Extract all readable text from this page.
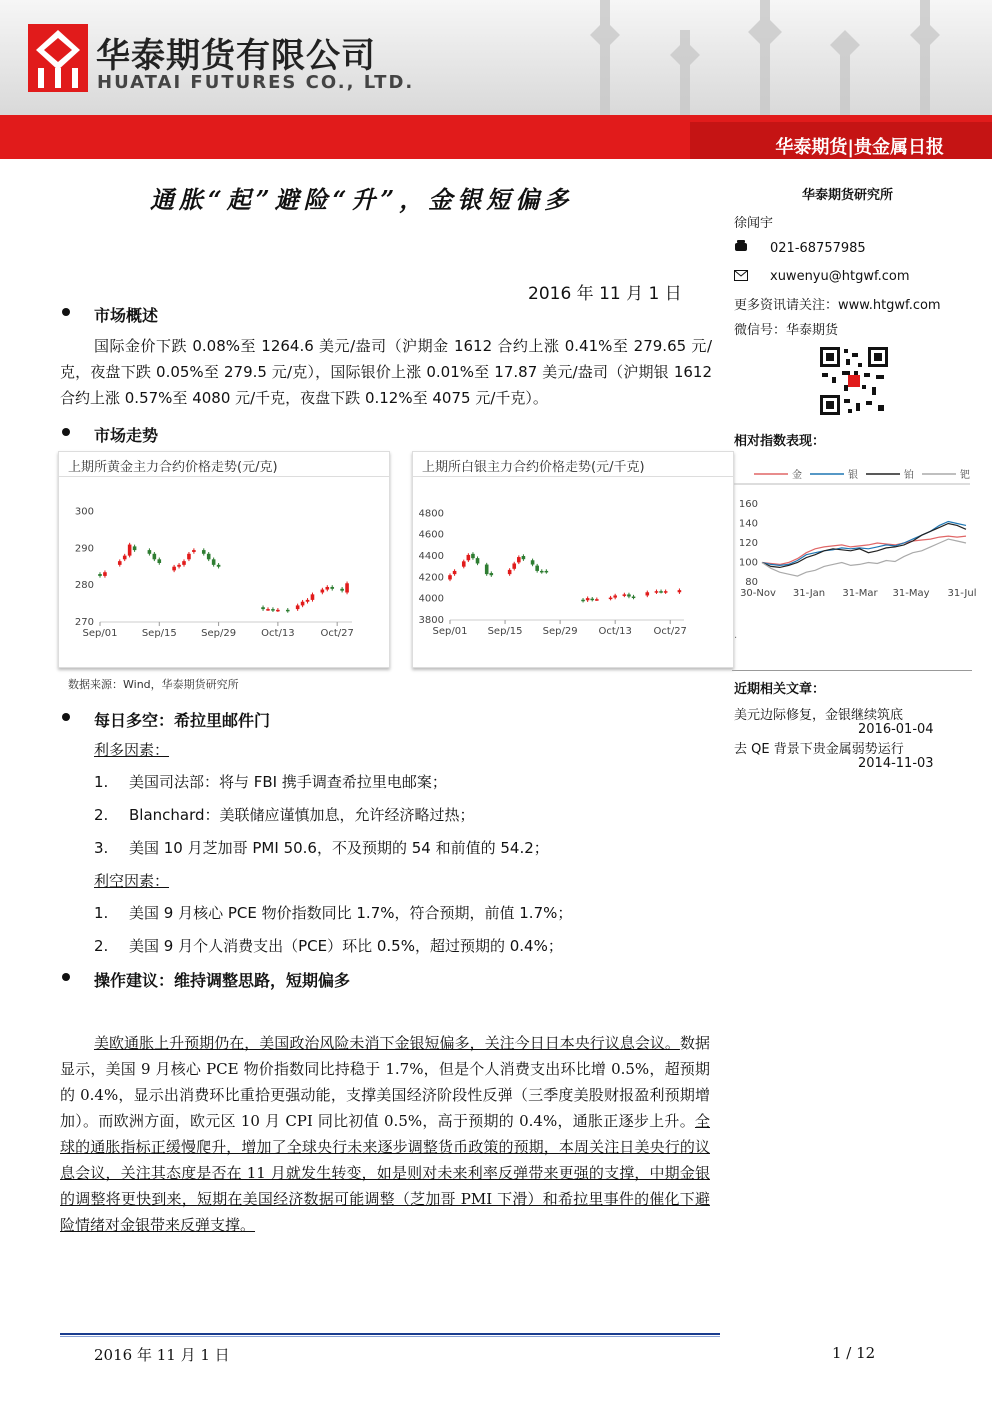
华泰期货有限公司
HUATAI FUTURES CO., LTD.
华泰期货|贵金属日报
通胀“起”避险“升”，金银短偏多
2016 年 11 月 1 日
华泰期货研究所
徐闻宇
021-68757985
xuwenyu@htgwf.com
更多资讯请关注：www.htgwf.com
微信号：华泰期货
相对指数表现：
金	银	铂	钯
80
100
120
140
160
30-Nov 31-Jan 31-Mar 31-May 31-Jul
.
近期相关文章：
美元边际修复，金银继续筑底
2016-01-04
去 QE 背景下贵金属弱势运行
2014-11-03
市场概述
国际金价下跌 0.08%至 1264.6 美元/盎司（沪期金 1612 合约上涨 0.41%至 279.65 元/克，夜盘下跌 0.05%至 279.5 元/克），国际银价上涨 0.01%至 17.87 美元/盎司（沪期银 1612 合约上涨 0.57%至 4080 元/千克，夜盘下跌 0.12%至 4075 元/千克）。
市场走势
上期所黄金主力合约价格走势(元/克)
270
280
290
300
Sep/01 Sep/15 Sep/29	Oct/13	Oct/27
上期所白银主力合约价格走势(元/千克)
3800
4000
4200
4400
4600
4800
Sep/01 Sep/15 Sep/29 Oct/13 Oct/27
数据来源：Wind，华泰期货研究所
每日多空：希拉里邮件门
利多因素：
1. 美国司法部：将与 FBI 携手调查希拉里电邮案；
2. Blanchard：美联储应谨慎加息，允许经济略过热；
3. 美国 10 月芝加哥 PMI 50.6，不及预期的 54 和前值的 54.2；
利空因素：
1. 美国 9 月核心 PCE 物价指数同比 1.7%，符合预期，前值 1.7%；
2. 美国 9 月个人消费支出（PCE）环比 0.5%，超过预期的 0.4%；
操作建议：维持调整思路，短期偏多
美欧通胀上升预期仍在，美国政治风险未消下金银短偏多，关注今日日本央行议息会议。数据显示，美国 9 月核心 PCE 物价指数同比持稳于 1.7%，但是个人消费支出环比增 0.5%，超预期的 0.4%，显示出消费环比重拾更强动能，支撑美国经济阶段性反弹（三季度美股财报盈利预期增加）。而欧洲方面，欧元区 10 月 CPI 同比初值 0.5%，高于预期的 0.4%，通胀正逐步上升。全球的通胀指标正缓慢爬升，增加了全球央行未来逐步调整货币政策的预期，本周关注日美央行的议息会议，关注其态度是否在 11 月就发生转变，如是则对未来利率反弹带来更强的支撑，中期金银的调整将更快到来，短期在美国经济数据可能调整（芝加哥 PMI 下滑）和希拉里事件的催化下避险情绪对金银带来反弹支撑。
2016 年 11 月 1 日	1 / 12
